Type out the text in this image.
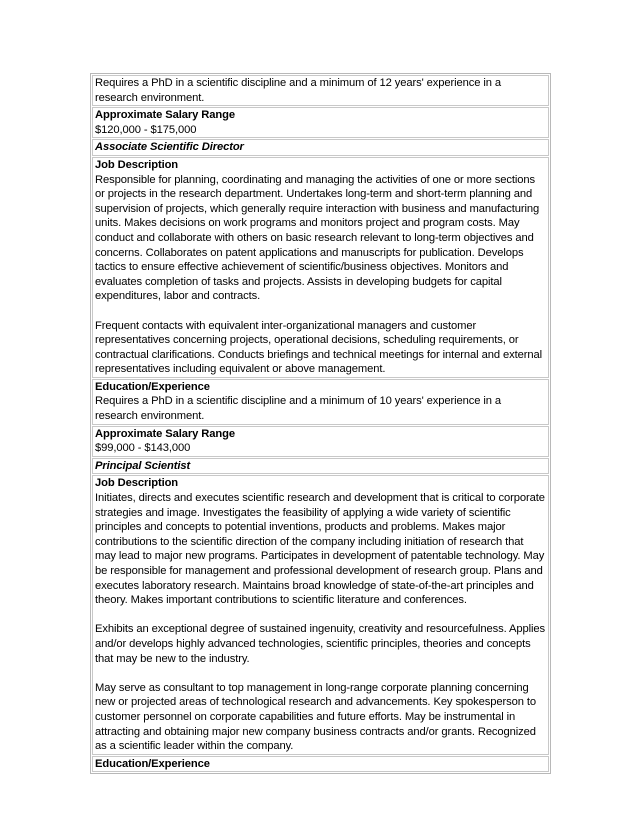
Requires a PhD in a scientific discipline and a minimum of 12 years' experience in a research environment.

Approximate Salary Range

$120,000 - $175,000

Associate Scientific Director
Job Description

Responsible for planning, coordinating and managing the activities of one or more sections or projects in the research department. Undertakes long-term and short-term planning and supervision of projects, which generally require interaction with business and manufacturing units. Makes decisions on work programs and monitors project and program costs. May conduct and collaborate with others on basic research relevant to long-term objectives and concerns. Collaborates on patent applications and manuscripts for publication. Develops tactics to ensure effective achievement of scientific/business objectives. Monitors and evaluates completion of tasks and projects. Assists in developing budgets for capital expenditures, labor and contracts.

Frequent contacts with equivalent inter-organizational managers and customer representatives concerning projects, operational decisions, scheduling requirements, or contractual clarifications. Conducts briefings and technical meetings for internal and external representatives including equivalent or above management.

Education/Experience

Requires a PhD in a scientific discipline and a minimum of 10 years' experience in a research environment.

Approximate Salary Range

$99,000 - $143,000

Principal Scientist
Job Description

Initiates, directs and executes scientific research and development that is critical to corporate strategies and image. Investigates the feasibility of applying a wide variety of scientific principles and concepts to potential inventions, products and problems. Makes major contributions to the scientific direction of the company including initiation of research that may lead to major new programs. Participates in development of patentable technology. May be responsible for management and professional development of research group. Plans and executes laboratory research. Maintains broad knowledge of state-of-the-art principles and theory. Makes important contributions to scientific literature and conferences.

Exhibits an exceptional degree of sustained ingenuity, creativity and resourcefulness. Applies and/or develops highly advanced technologies, scientific principles, theories and concepts that may be new to the industry.

May serve as consultant to top management in long-range corporate planning concerning new or projected areas of technological research and advancements. Key spokesperson to customer personnel on corporate capabilities and future efforts. May be instrumental in attracting and obtaining major new company business contracts and/or grants. Recognized as a scientific leader within the company.

Education/Experience
